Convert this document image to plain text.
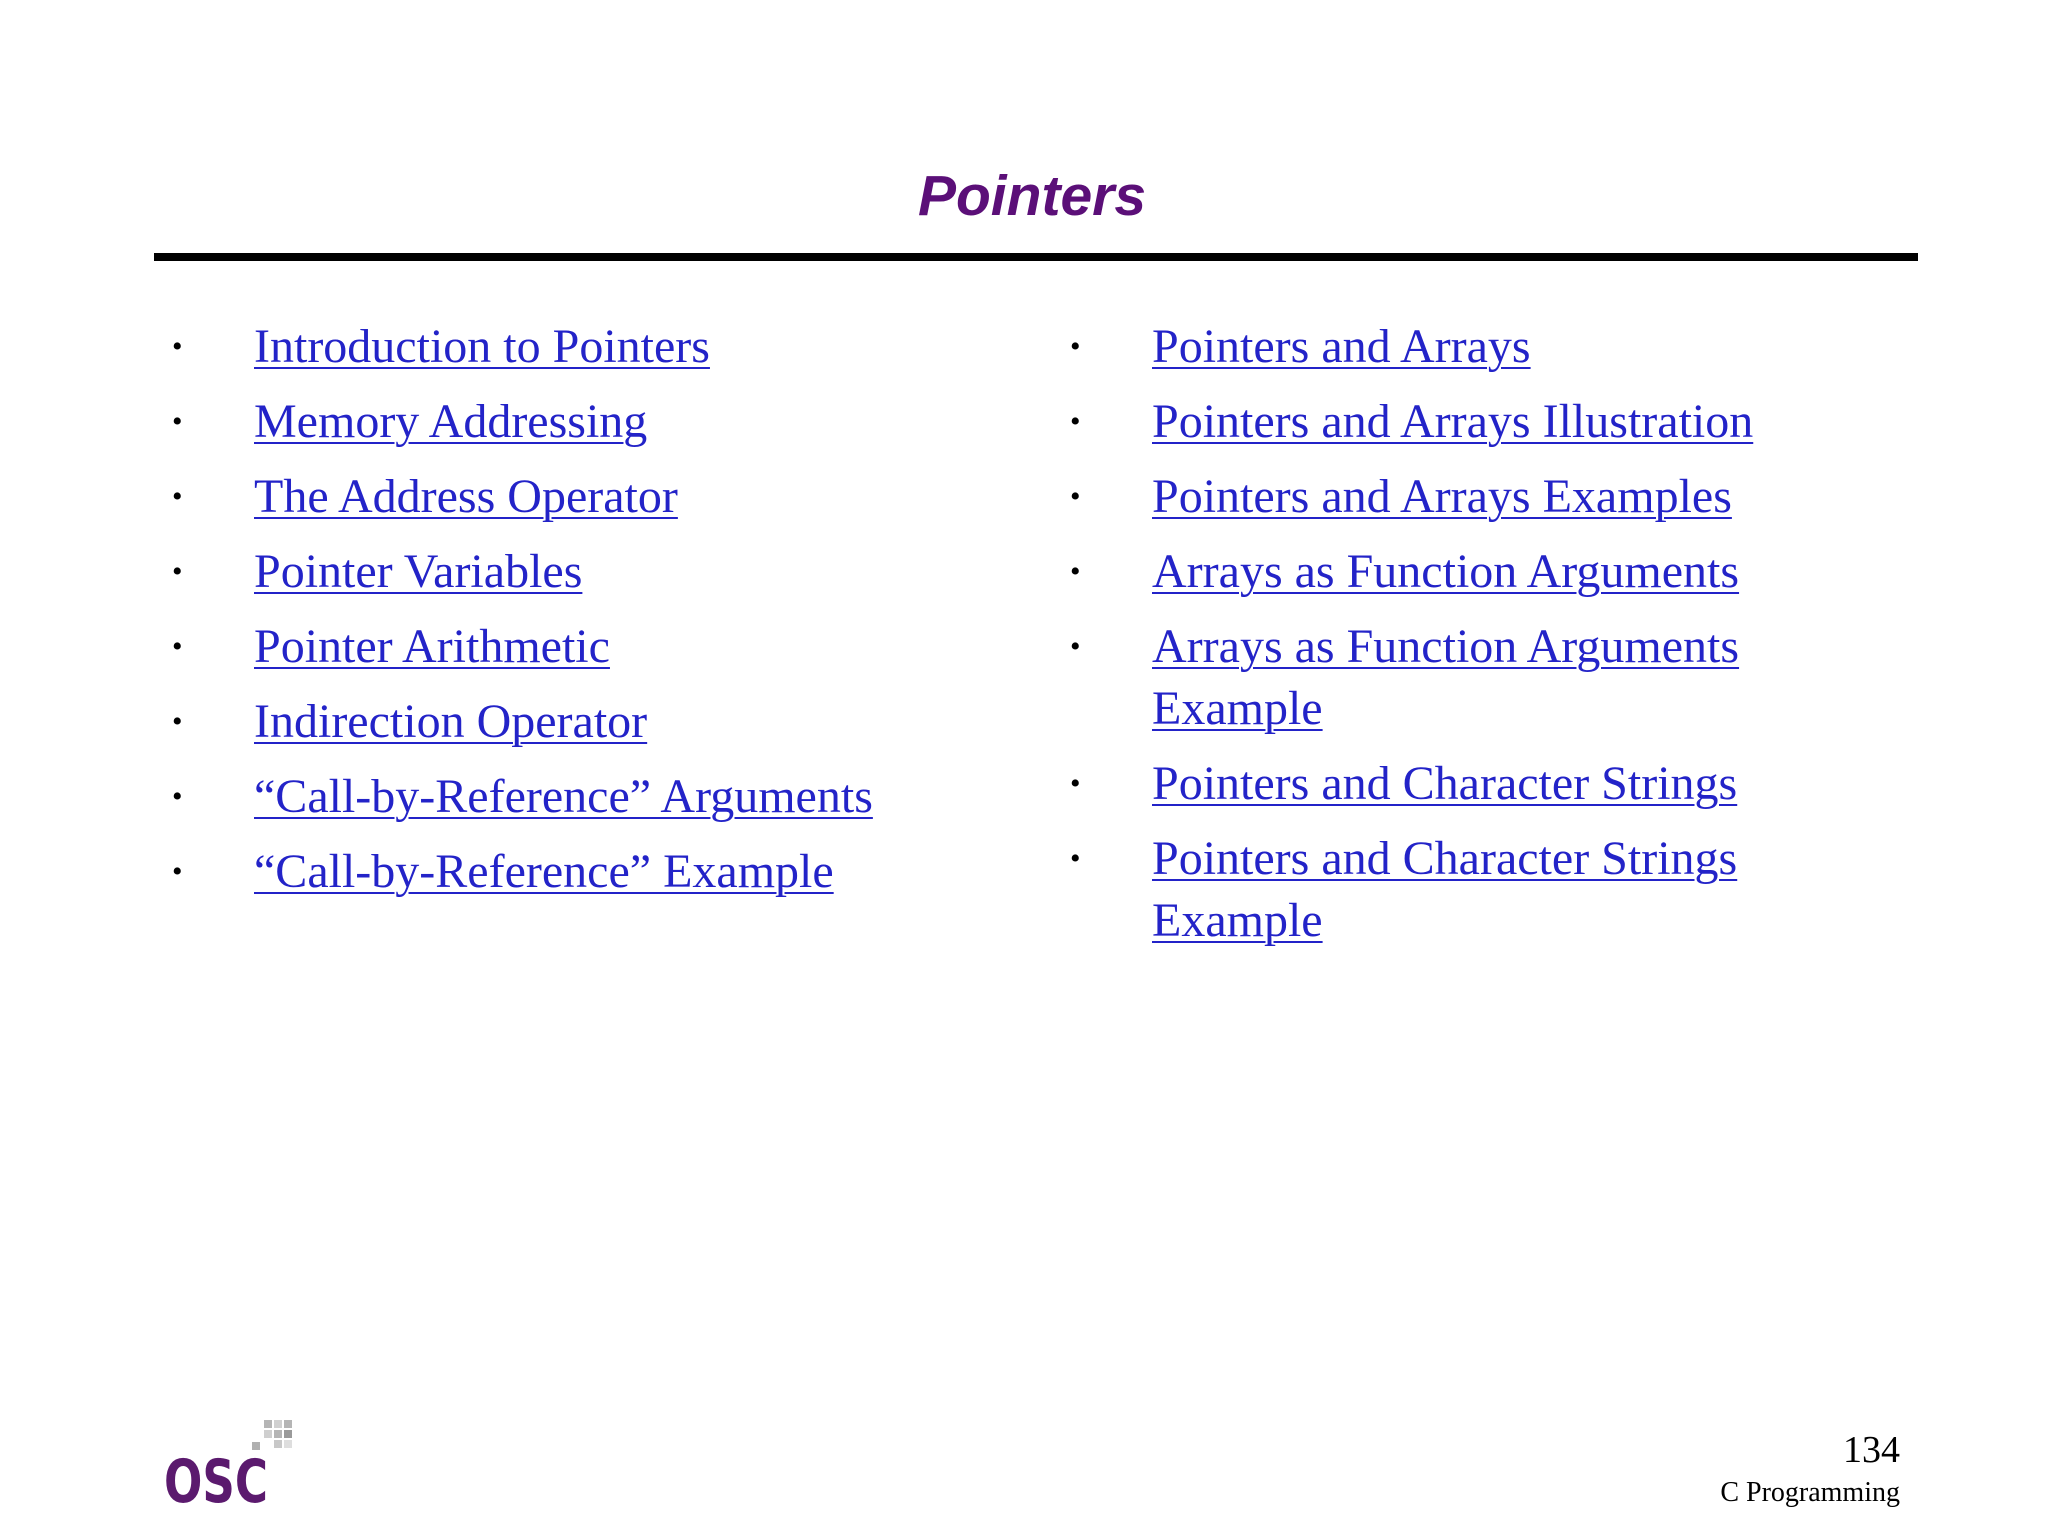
Pointers
•	Introduction to Pointers
•	Memory Addressing
•	The Address Operator
•	Pointer Variables
•	Pointer Arithmetic
•	Indirection Operator
•	“Call-by-Reference” Arguments
•	“Call-by-Reference” Example
•	Pointers and Arrays
•	Pointers and Arrays Illustration
•	Pointers and Arrays Examples
•	Arrays as Function Arguments
•	Arrays as Function Arguments Example
•	Pointers and Character Strings
•	Pointers and Character Strings Example
OSC	134
C Programming
